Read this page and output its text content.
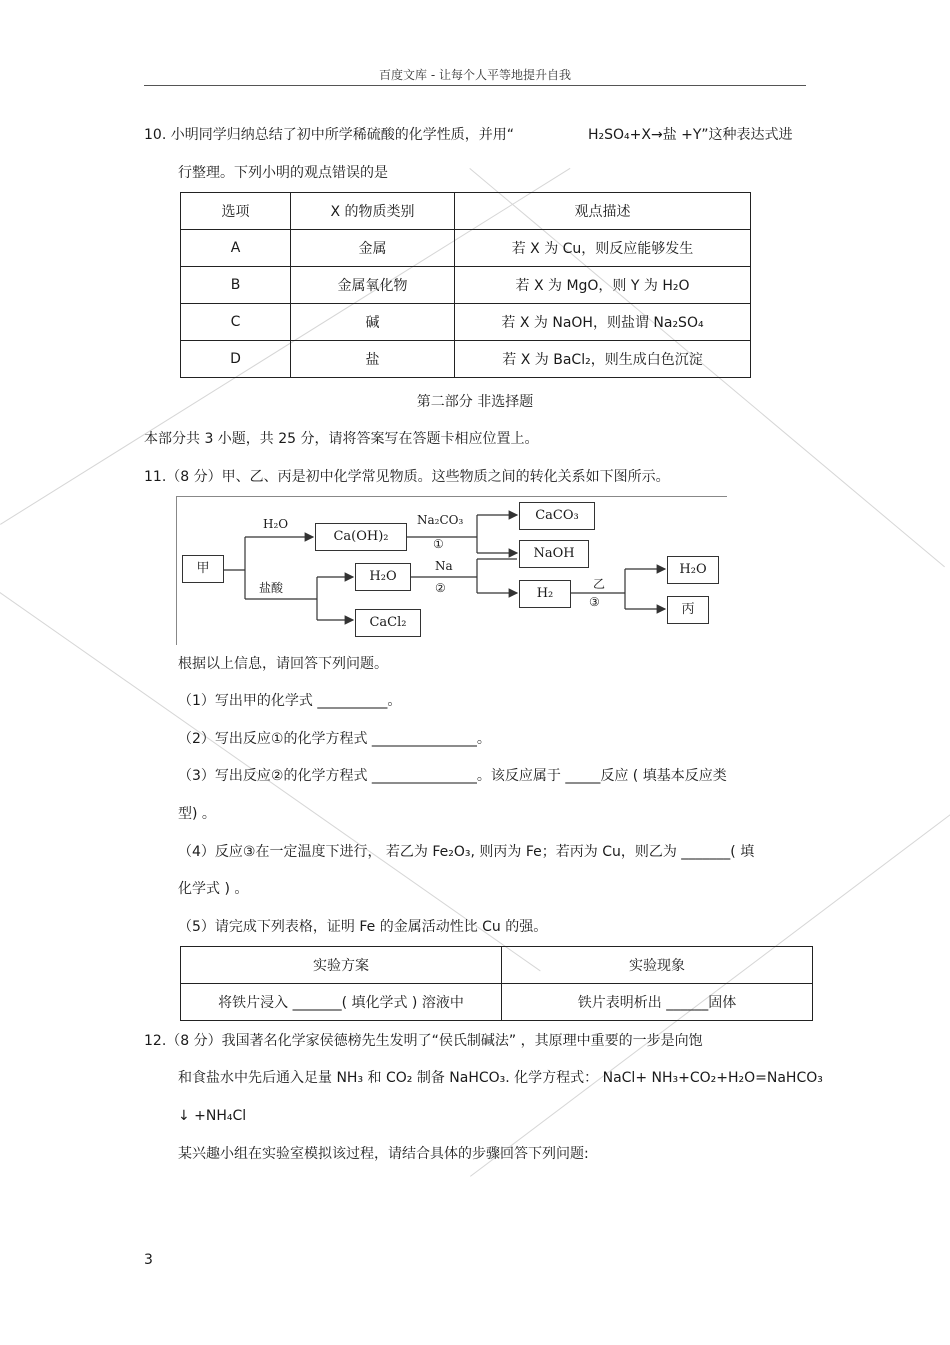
百度文库 - 让每个人平等地提升自我
10. 小明同学归纳总结了初中所学稀硫酸的化学性质，并用“	H₂SO₄+X→盐 +Y”这种表达式进
行整理。下列小明的观点错误的是
选项	X 的物质类别	观点描述
A	金属	若 X 为 Cu，则反应能够发生
B	金属氧化物	若 X 为 MgO，则 Y 为 H₂O
C	碱	若 X 为 NaOH，则盐谓 Na₂SO₄
D	盐	若 X 为 BaCl₂，则生成白色沉淀
第二部分 非选择题
本部分共 3 小题，共 25 分，请将答案写在答题卡相应位置上。
11.（8 分）甲、乙、丙是初中化学常见物质。这些物质之间的转化关系如下图所示。
甲
H₂O
Ca(OH)₂
Na₂CO₃
①
CaCO₃
NaOH
盐酸
H₂O
Na
②
CaCl₂
H₂
乙
③
H₂O
丙
根据以上信息，请回答下列问题。
（1）写出甲的化学式 __________。
（2）写出反应①的化学方程式 _______________。
（3）写出反应②的化学方程式 _______________。该反应属于 _____反应 ( 填基本反应类
型) 。
（4）反应③在一定温度下进行， 若乙为 Fe₂O₃, 则丙为 Fe；若丙为 Cu，则乙为 _______( 填
化学式 ) 。
（5）请完成下列表格，证明 Fe 的金属活动性比 Cu 的强。
实验方案	实验现象
将铁片浸入 _______( 填化学式 ) 溶液中	铁片表明析出 ______固体
12.（8 分）我国著名化学家侯德榜先生发明了“侯氏制碱法” ，其原理中重要的一步是向饱
和食盐水中先后通入足量 NH₃ 和 CO₂ 制备 NaHCO₃. 化学方程式： NaCl+ NH₃+CO₂+H₂O=NaHCO₃
↓ +NH₄Cl
某兴趣小组在实验室模拟该过程，请结合具体的步骤回答下列问题:
3
